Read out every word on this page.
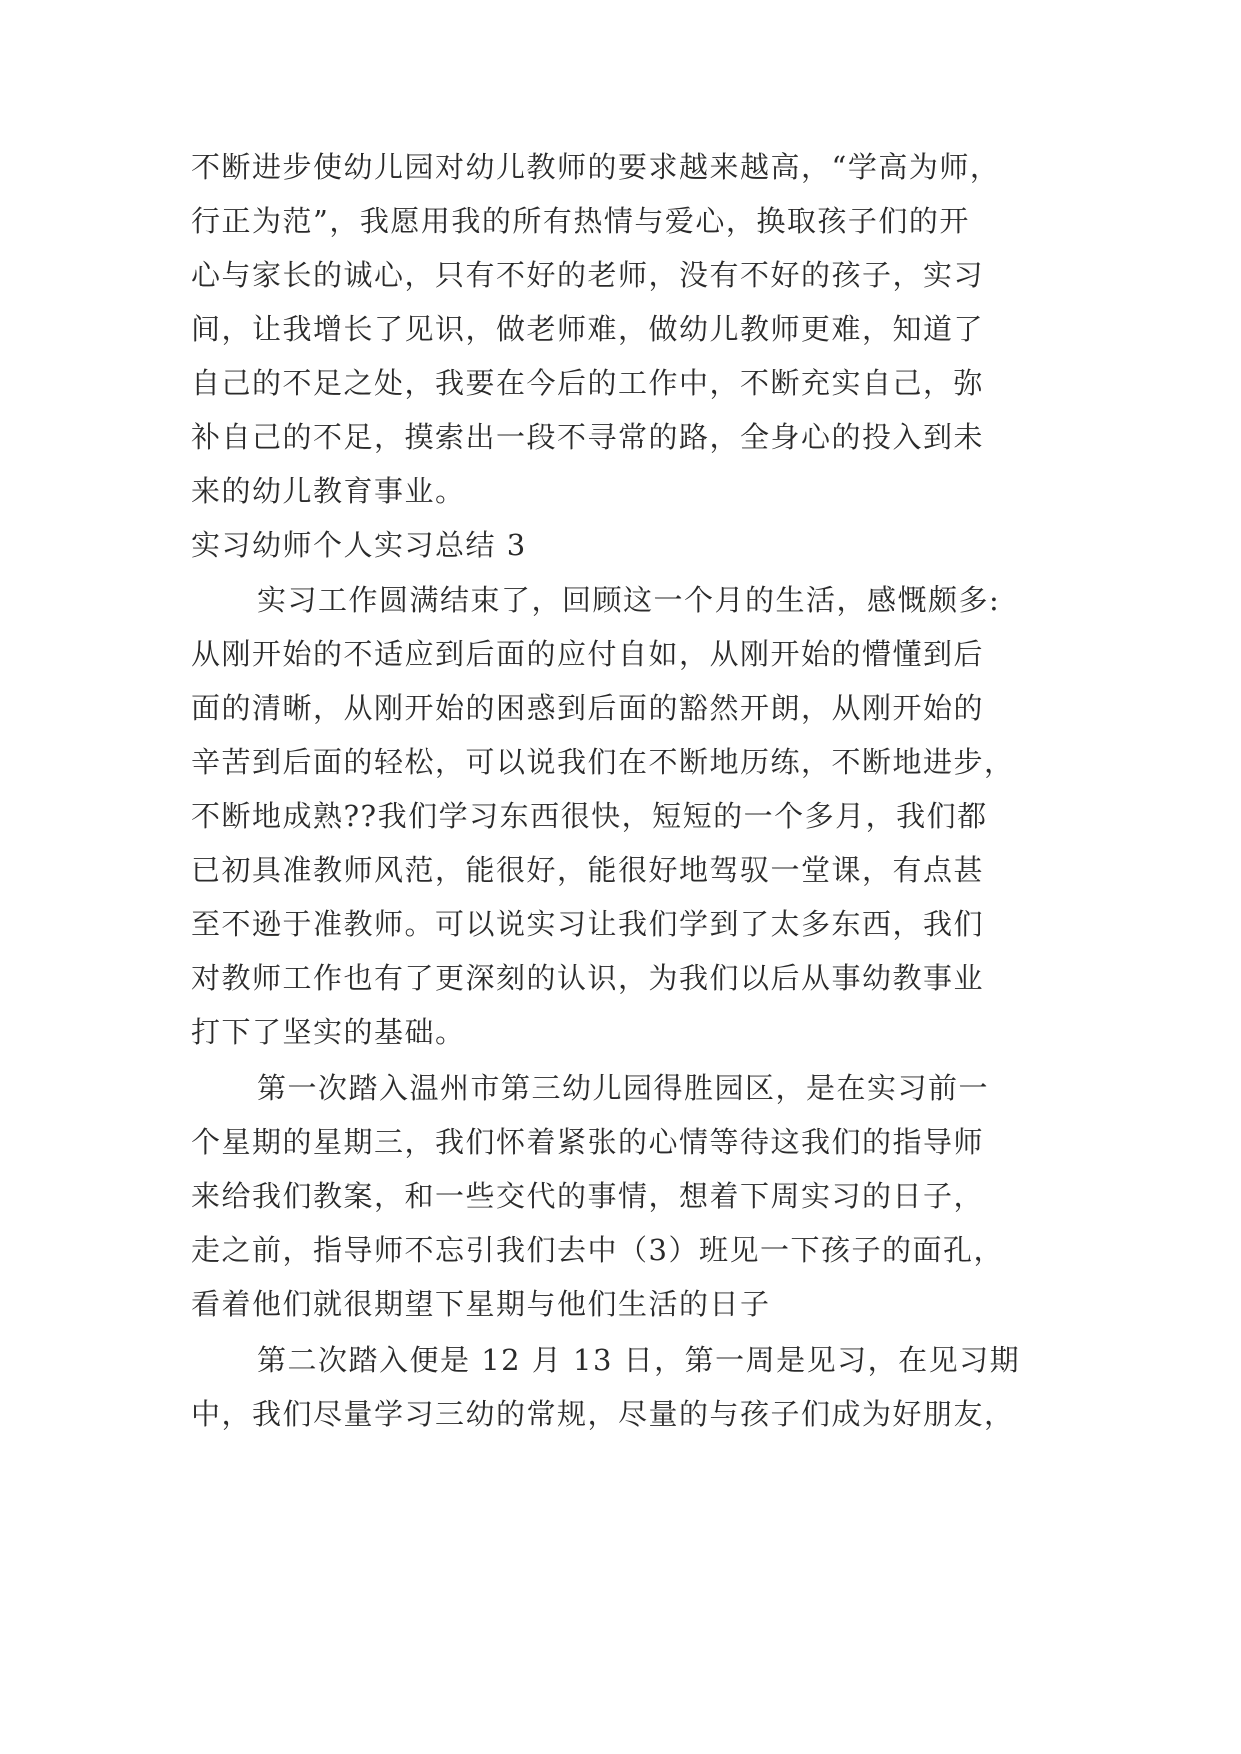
不断进步使幼儿园对幼儿教师的要求越来越高，“学高为师，

行正为范”，我愿用我的所有热情与爱心，换取孩子们的开

心与家长的诚心，只有不好的老师，没有不好的孩子，实习

间，让我增长了见识，做老师难，做幼儿教师更难，知道了

自己的不足之处，我要在今后的工作中，不断充实自己，弥

补自己的不足，摸索出一段不寻常的路，全身心的投入到未

来的幼儿教育事业。

实习幼师个人实习总结 3

实习工作圆满结束了，回顾这一个月的生活，感慨颇多:

从刚开始的不适应到后面的应付自如，从刚开始的懵懂到后

面的清晰，从刚开始的困惑到后面的豁然开朗，从刚开始的

辛苦到后面的轻松，可以说我们在不断地历练，不断地进步，

不断地成熟??我们学习东西很快，短短的一个多月，我们都

已初具准教师风范，能很好，能很好地驾驭一堂课，有点甚

至不逊于准教师。可以说实习让我们学到了太多东西，我们

对教师工作也有了更深刻的认识，为我们以后从事幼教事业

打下了坚实的基础。

第一次踏入温州市第三幼儿园得胜园区，是在实习前一

个星期的星期三，我们怀着紧张的心情等待这我们的指导师

来给我们教案，和一些交代的事情，想着下周实习的日子，

走之前，指导师不忘引我们去中（3）班见一下孩子的面孔，

看着他们就很期望下星期与他们生活的日子

第二次踏入便是 12 月 13 日，第一周是见习，在见习期

中，我们尽量学习三幼的常规，尽量的与孩子们成为好朋友，
